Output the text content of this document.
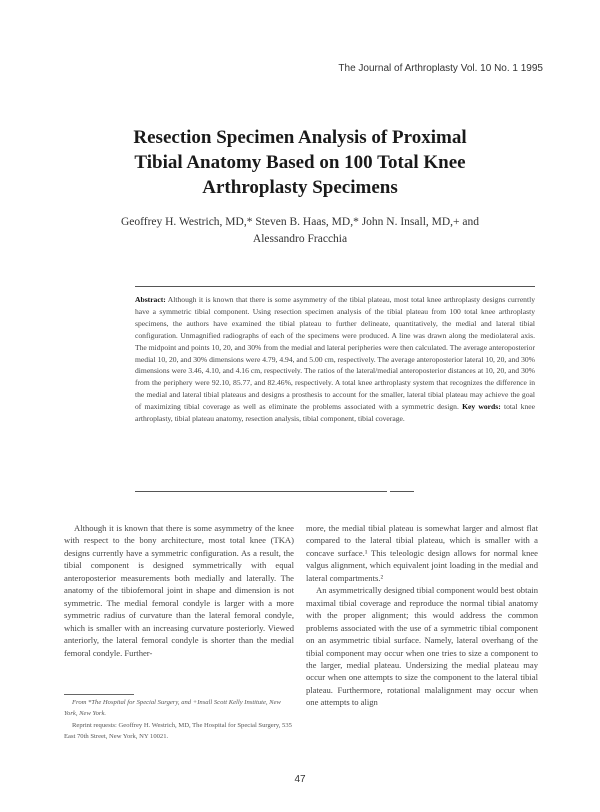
The Journal of Arthroplasty Vol. 10 No. 1 1995
Resection Specimen Analysis of Proximal
Tibial Anatomy Based on 100 Total Knee
Arthroplasty Specimens
Geoffrey H. Westrich, MD,* Steven B. Haas, MD,* John N. Insall, MD,+ and
Alessandro Fracchia
Abstract: Although it is known that there is some asymmetry of the tibial plateau, most total knee arthroplasty designs currently have a symmetric tibial component. Using resection specimen analysis of the tibial plateau from 100 total knee arthroplasty specimens, the authors have examined the tibial plateau to further delineate, quantitatively, the medial and lateral tibial configuration. Unmagnified radiographs of each of the specimens were produced. A line was drawn along the mediolateral axis. The midpoint and points 10, 20, and 30% from the medial and lateral peripheries were then calculated. The average anteroposterior medial 10, 20, and 30% dimensions were 4.79, 4.94, and 5.00 cm, respectively. The average anteroposterior lateral 10, 20, and 30% dimensions were 3.46, 4.10, and 4.16 cm, respectively. The ratios of the lateral/medial anteroposterior distances at 10, 20, and 30% from the periphery were 92.10, 85.77, and 82.46%, respectively. A total knee arthroplasty system that recognizes the difference in the medial and lateral tibial plateaus and designs a prosthesis to account for the smaller, lateral tibial plateau may achieve the goal of maximizing tibial coverage as well as eliminate the problems associated with a symmetric design. Key words: total knee arthroplasty, tibial plateau anatomy, resection analysis, tibial component, tibial coverage.

Although it is known that there is some asymmetry of the knee with respect to the bony architecture, most total knee (TKA) designs currently have a symmetric configuration. As a result, the tibial component is designed symmetrically with equal anteroposterior measurements both medially and laterally. The anatomy of the tibiofemoral joint in shape and dimension is not symmetric. The medial femoral condyle is larger with a more symmetric radius of curvature than the lateral femoral condyle, which is smaller with an increasing curvature posteriorly. Viewed anteriorly, the lateral femoral condyle is shorter than the medial femoral condyle. Further-

more, the medial tibial plateau is somewhat larger and almost flat compared to the lateral tibial plateau, which is smaller with a concave surface.¹ This teleologic design allows for normal knee valgus alignment, which equivalent joint loading in the medial and lateral compartments.²

An asymmetrically designed tibial component would best obtain maximal tibial coverage and reproduce the normal tibial anatomy with the proper alignment; this would address the common problems associated with the use of a symmetric tibial component on an asymmetric tibial surface. Namely, lateral overhang of the tibial component may occur when one tries to size a component to the larger, medial plateau. Undersizing the medial plateau may occur when one attempts to size the component to the lateral tibial plateau. Furthermore, rotational malalignment may occur when one attempts to align

From *The Hospital for Special Surgery, and +Insall Scott Kelly Institute, New York, New York.

Reprint requests: Geoffrey H. Westrich, MD, The Hospital for Special Surgery, 535 East 70th Street, New York, NY 10021.

47
